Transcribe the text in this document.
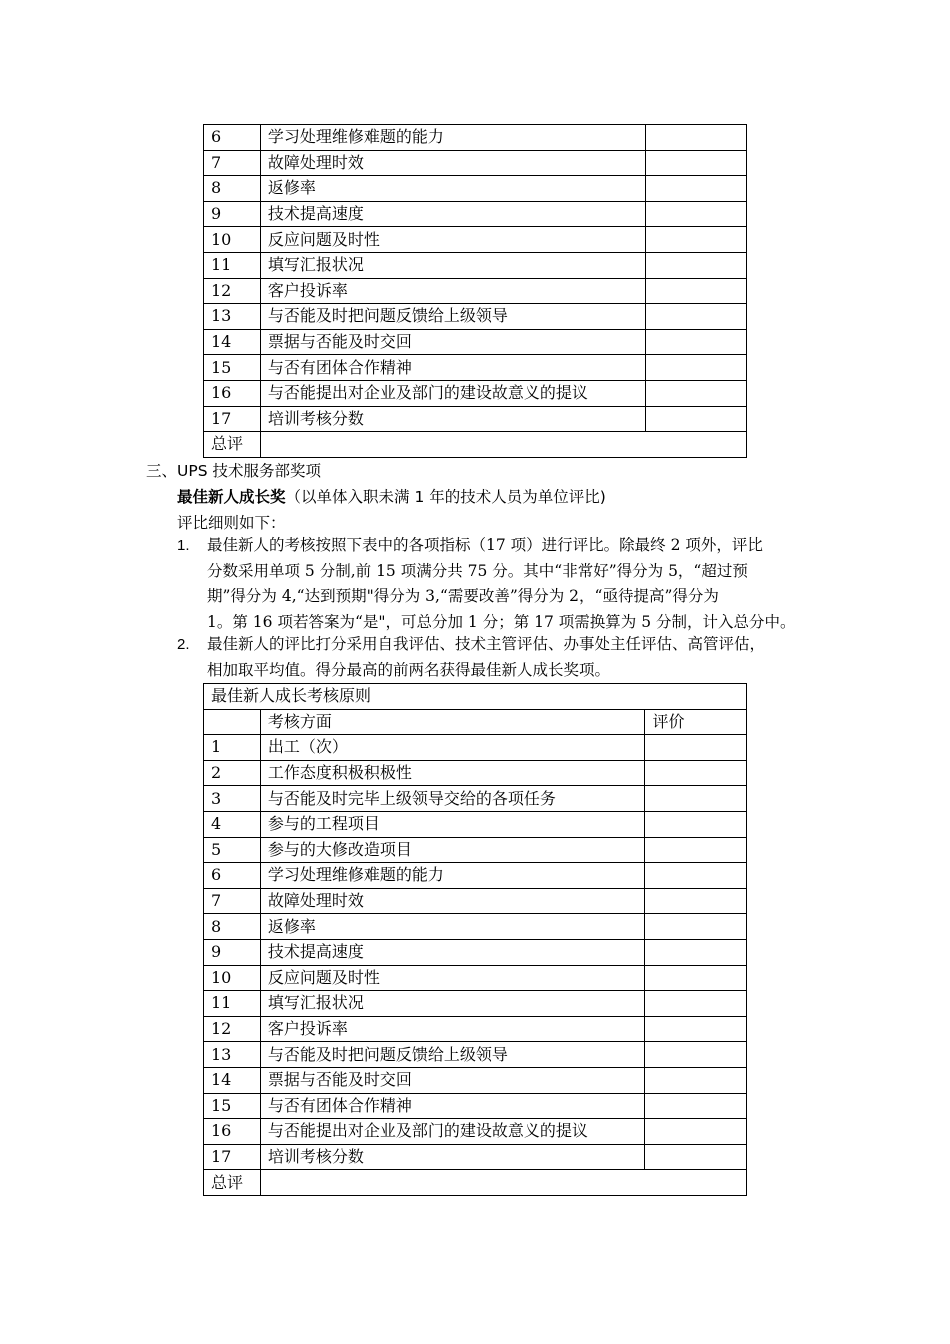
6	学习处理维修难题的能力	
7	故障处理时效	
8	返修率	
9	技术提高速度	
10	反应问题及时性	
11	填写汇报状况	
12	客户投诉率	
13	与否能及时把问题反馈给上级领导	
14	票据与否能及时交回	
15	与否有团体合作精神	
16	与否能提出对企业及部门的建设故意义的提议	
17	培训考核分数	
总评		
三、UPS 技术服务部奖项
最佳新人成长奖（以单体入职未满 1 年的技术人员为单位评比)
评比细则如下：
1. 最佳新人的考核按照下表中的各项指标（17 项）进行评比。除最终 2 项外，评比
分数采用单项 5 分制,前 15 项满分共 75 分。其中“非常好”得分为 5，“超过预
期”得分为 4,“达到预期"得分为 3,“需要改善”得分为 2，“亟待提高”得分为
1。第 16 项若答案为“是"，可总分加 1 分；第 17 项需换算为 5 分制，计入总分中。
2. 最佳新人的评比打分采用自我评估、技术主管评估、办事处主任评估、高管评估，
相加取平均值。得分最高的前两名获得最佳新人成长奖项。
最佳新人成长考核原则		
	考核方面	评价
1	出工（次）	
2	工作态度积极积极性	
3	与否能及时完毕上级领导交给的各项任务	
4	参与的工程项目	
5	参与的大修改造项目	
6	学习处理维修难题的能力	
7	故障处理时效	
8	返修率	
9	技术提高速度	
10	反应问题及时性	
11	填写汇报状况	
12	客户投诉率	
13	与否能及时把问题反馈给上级领导	
14	票据与否能及时交回	
15	与否有团体合作精神	
16	与否能提出对企业及部门的建设故意义的提议	
17	培训考核分数	
总评		
